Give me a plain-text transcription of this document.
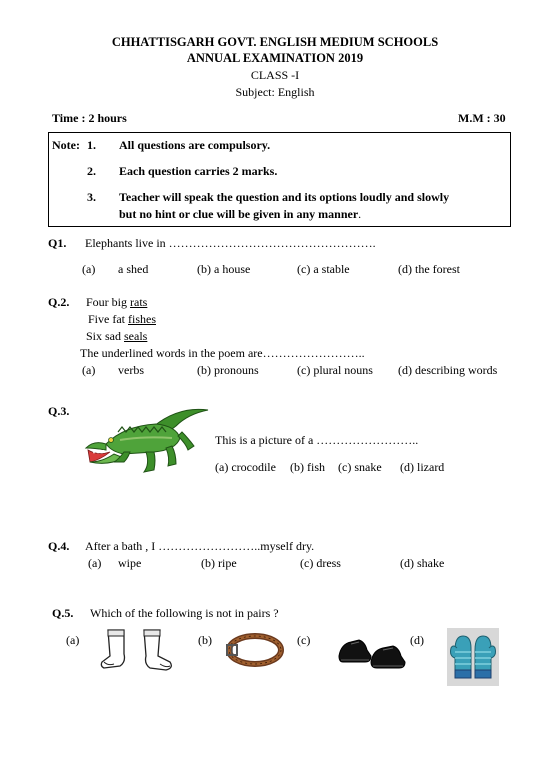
CHHATTISGARH GOVT. ENGLISH MEDIUM SCHOOLS
ANNUAL EXAMINATION 2019
CLASS -I
Subject: English
Time : 2 hours	M.M : 30
Note: 1. All questions are compulsory.
2. Each question carries 2 marks.
3. Teacher will speak the question and its options loudly and slowly
but no hint or clue will be given in any manner.
Q1. Elephants live in …………………………………………….
(a) a shed	(b) a house	(c) a stable	(d) the forest
Q.2. Four big rats
Five fat fishes
Six sad seals
The underlined words in the poem are……………………..
(a) verbs	(b) pronouns	(c) plural nouns (d) describing words
Q.3.
This is a picture of a ……………………..
(a) crocodile (b) fish (c) snake (d) lizard
Q.4. After a bath , I ……………………..myself dry.
(a) wipe	(b) ripe	(c) dress	(d) shake
Q.5. Which of the following is not in pairs ?
(a)	(b)	(c)	(d)
